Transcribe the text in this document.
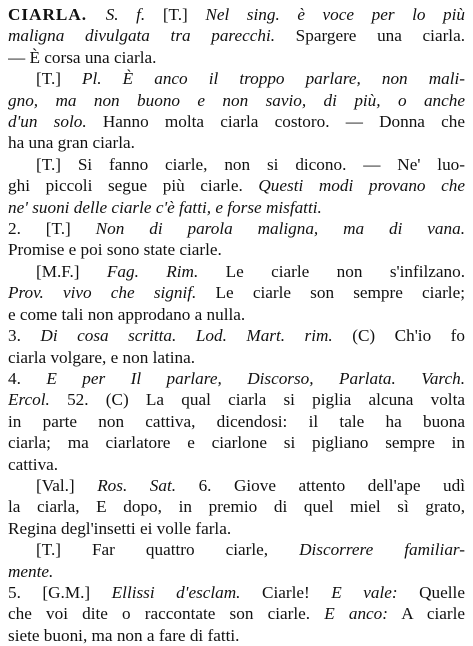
CIARLA. S. f. [T.] Nel sing. è voce per lo più
maligna divulgata tra parecchi. Spargere una ciarla.
— È corsa una ciarla.
[T.] Pl. È anco il troppo parlare, non mali-
gno, ma non buono e non savio, di più, o anche
d'un solo. Hanno molta ciarla costoro. — Donna che
ha una gran ciarla.
[T.] Si fanno ciarle, non si dicono. — Ne' luo-
ghi piccoli segue più ciarle. Questi modi provano che
ne' suoni delle ciarle c'è fatti, e forse misfatti.
2. [T.] Non di parola maligna, ma di vana.
Promise e poi sono state ciarle.
[M.F.] Fag. Rim. Le ciarle non s'infilzano.
Prov. vivo che signif. Le ciarle son sempre ciarle;
e come tali non approdano a nulla.
3. Di cosa scritta. Lod. Mart. rim. (C) Ch'io fo
ciarla volgare, e non latina.
4. E per Il parlare, Discorso, Parlata. Varch.
Ercol. 52. (C) La qual ciarla si piglia alcuna volta
in parte non cattiva, dicendosi: il tale ha buona
ciarla; ma ciarlatore e ciarlone si pigliano sempre in
cattiva.
[Val.] Ros. Sat. 6. Giove attento dell'ape udì
la ciarla, E dopo, in premio di quel miel sì grato,
Regina degl'insetti ei volle farla.
[T.] Far quattro ciarle, Discorrere familiar-
mente.
5. [G.M.] Ellissi d'esclam. Ciarle! E vale: Quelle
che voi dite o raccontate son ciarle. E anco: A ciarle
siete buoni, ma non a fare di fatti.
